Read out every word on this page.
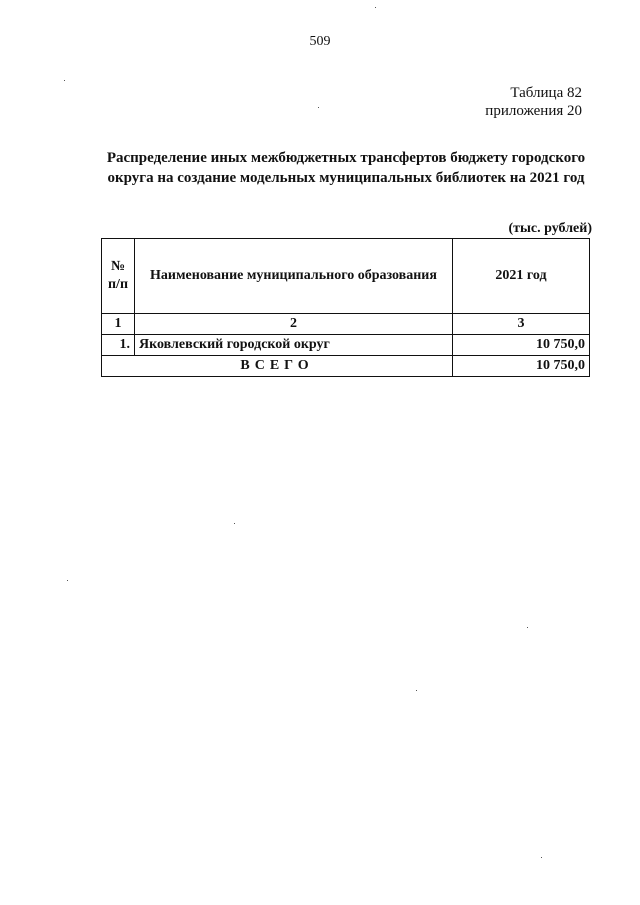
509
Таблица 82
приложения 20
Распределение иных межбюджетных трансфертов бюджету городского
округа на создание модельных муниципальных библиотек на 2021 год
(тыс. рублей)
№ п/п	Наименование муниципального образования	2021 год
1	2	3
1.	Яковлевский городской округ	10 750,0
ВСЕГО		10 750,0
